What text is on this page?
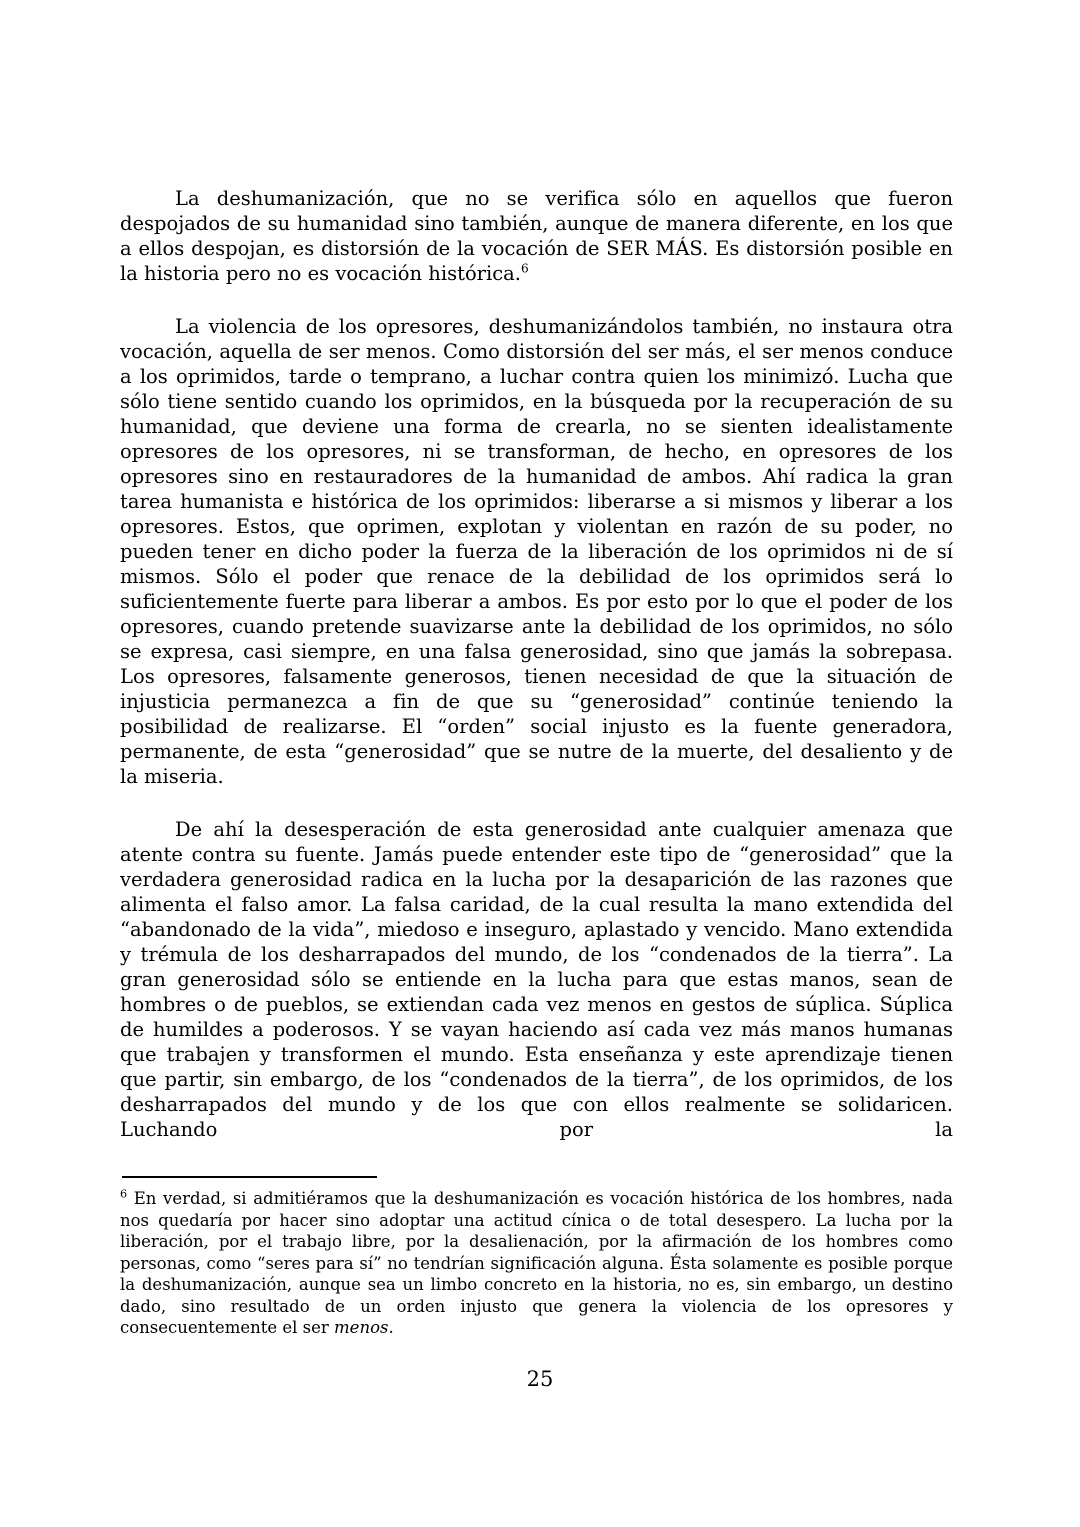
La deshumanización, que no se verifica sólo en aquellos que fueron despojados de su humanidad sino también, aunque de manera diferente, en los que a ellos despojan, es distorsión de la vocación de SER MÁS. Es distorsión posible en la historia pero no es vocación histórica.$^6$

La violencia de los opresores, deshumanizándolos también, no instaura otra vocación, aquella de ser menos. Como distorsión del ser más, el ser menos conduce a los oprimidos, tarde o temprano, a luchar contra quien los minimizó. Lucha que sólo tiene sentido cuando los oprimidos, en la búsqueda por la recuperación de su humanidad, que deviene una forma de crearla, no se sienten idealistamente opresores de los opresores, ni se transforman, de hecho, en opresores de los opresores sino en restauradores de la humanidad de ambos. Ahí radica la gran tarea humanista e histórica de los oprimidos: liberarse a si mismos y liberar a los opresores. Estos, que oprimen, explotan y violentan en razón de su poder, no pueden tener en dicho poder la fuerza de la liberación de los oprimidos ni de sí mismos. Sólo el poder que renace de la debilidad de los oprimidos será lo suficientemente fuerte para liberar a ambos. Es por esto por lo que el poder de los opresores, cuando pretende suavizarse ante la debilidad de los oprimidos, no sólo se expresa, casi siempre, en una falsa generosidad, sino que jamás la sobrepasa. Los opresores, falsamente generosos, tienen necesidad de que la situación de injusticia permanezca a fin de que su “generosidad” continúe teniendo la posibilidad de realizarse. El “orden” social injusto es la fuente generadora, permanente, de esta “generosidad” que se nutre de la muerte, del desaliento y de la miseria.

De ahí la desesperación de esta generosidad ante cualquier amenaza que atente contra su fuente. Jamás puede entender este tipo de “generosidad” que la verdadera generosidad radica en la lucha por la desaparición de las razones que alimenta el falso amor. La falsa caridad, de la cual resulta la mano extendida del “abandonado de la vida”, miedoso e inseguro, aplastado y vencido. Mano extendida y trémula de los desharrapados del mundo, de los “condenados de la tierra”. La gran generosidad sólo se entiende en la lucha para que estas manos, sean de hombres o de pueblos, se extiendan cada vez menos en gestos de súplica. Súplica de humildes a poderosos. Y se vayan haciendo así cada vez más manos humanas que trabajen y transformen el mundo. Esta enseñanza y este aprendizaje tienen que partir, sin embargo, de los “condenados de la tierra”, de los oprimidos, de los desharrapados del mundo y de los que con ellos realmente se solidaricen. Luchando por la

$^6$ En verdad, si admitiéramos que la deshumanización es vocación histórica de los hombres, nada nos quedaría por hacer sino adoptar una actitud cínica o de total desespero. La lucha por la liberación, por el trabajo libre, por la desalienación, por la afirmación de los hombres como personas, como “seres para sí” no tendrían significación alguna. Ésta solamente es posible porque la deshumanización, aunque sea un limbo concreto en la historia, no es, sin embargo, un destino dado, sino resultado de un orden injusto que genera la violencia de los opresores y consecuentemente el ser menos.

25
